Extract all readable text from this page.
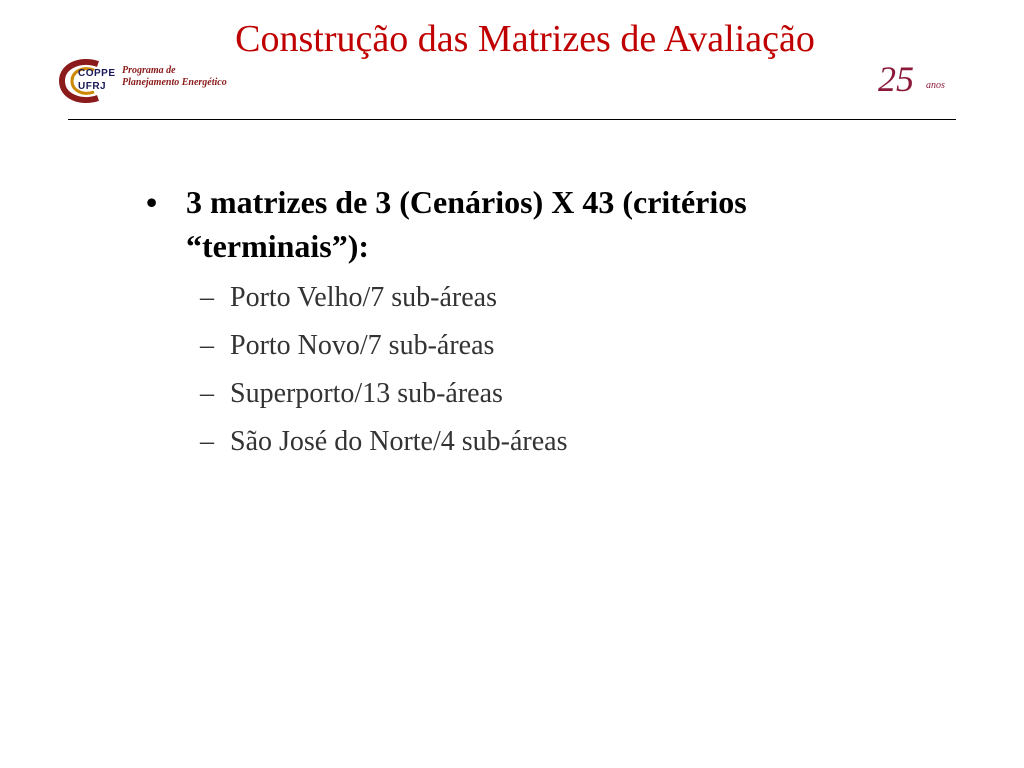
COPPE
UFRJ
Programa de
Planejamento Energético
Construção das Matrizes de Avaliação
25 anos
• 3 matrizes de 3 (Cenários) X 43 (critérios “terminais”):
– Porto Velho/7 sub-áreas
– Porto Novo/7 sub-áreas
– Superporto/13 sub-áreas
– São José do Norte/4 sub-áreas
